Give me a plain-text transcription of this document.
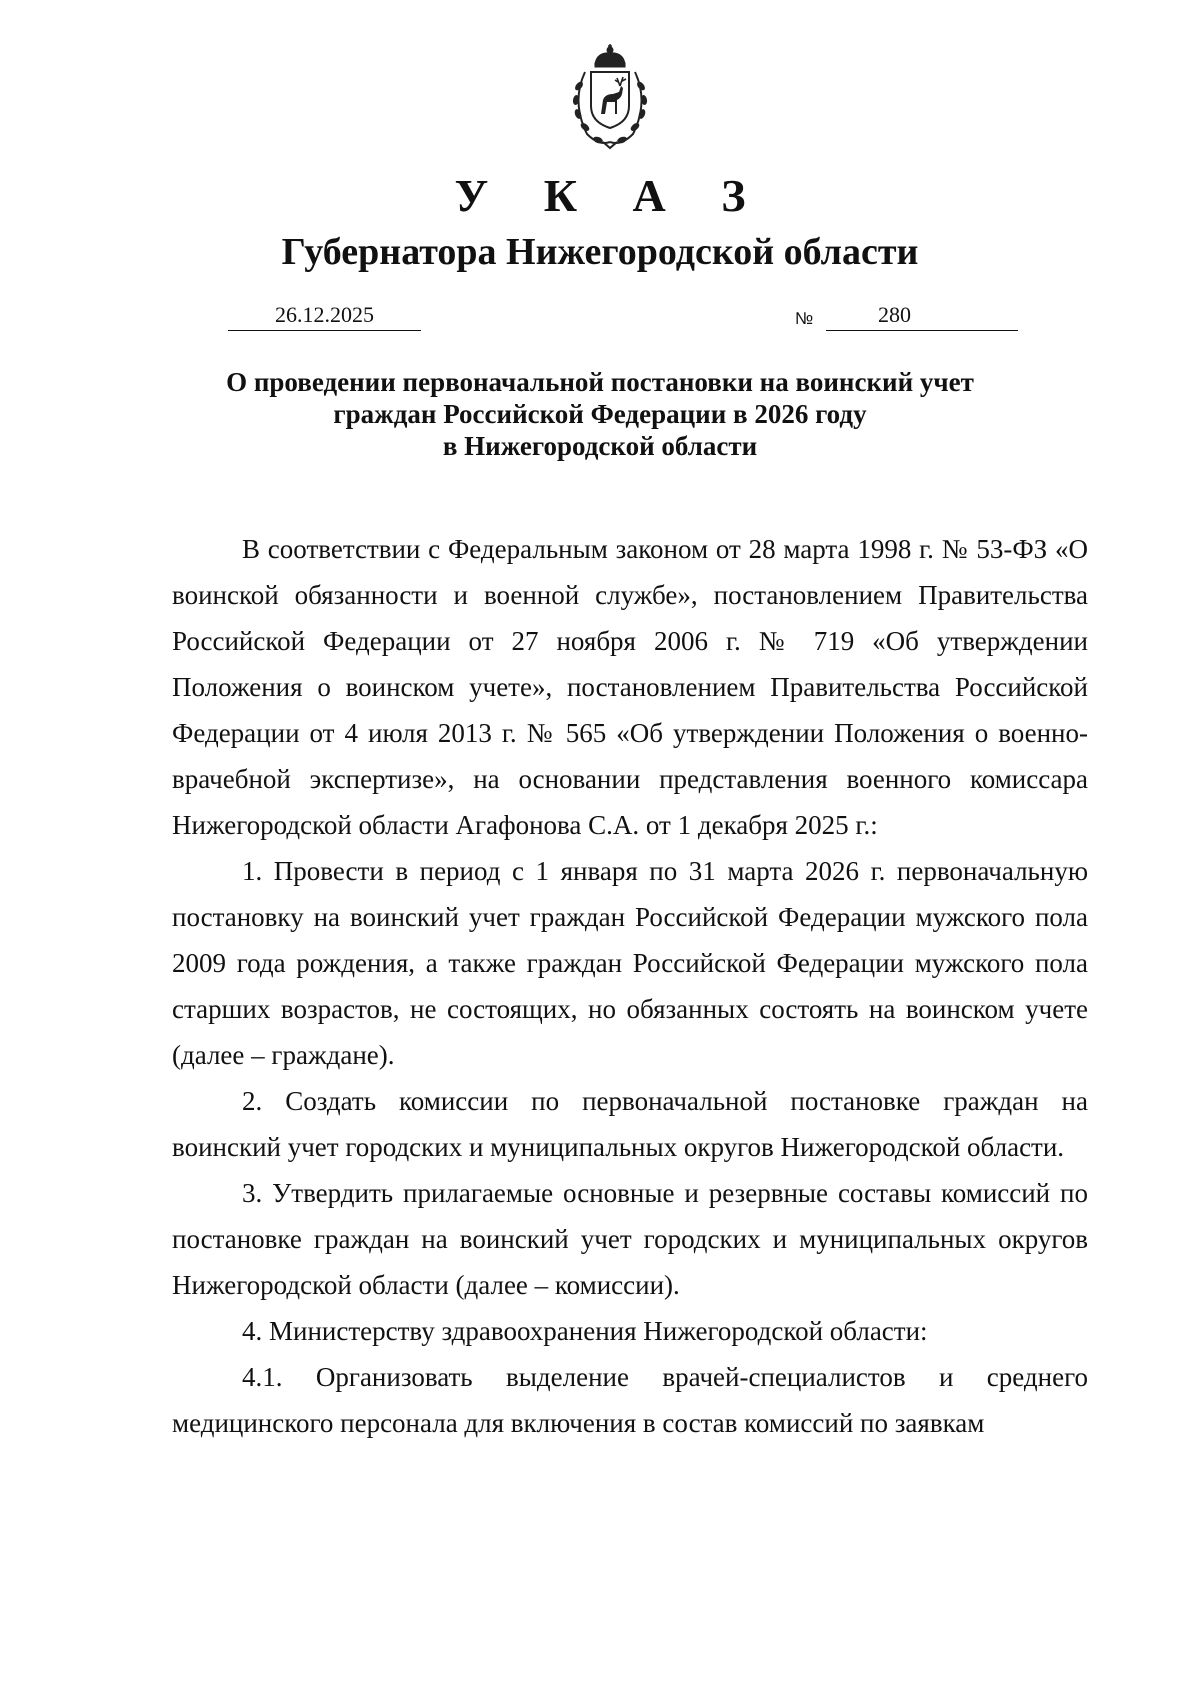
У К А З
Губернатора Нижегородской области
26.12.2025	№	280
О проведении первоначальной постановки на воинский учет
граждан Российской Федерации в 2026 году
в Нижегородской области

В соответствии с Федеральным законом от 28 марта 1998 г. № 53-ФЗ «О воинской обязанности и военной службе», постановлением Правительства Российской Федерации от 27 ноября 2006 г. № 719 «Об утверждении Положения о воинском учете», постановлением Правительства Российской Федерации от 4 июля 2013 г. № 565 «Об утверждении Положения о военно-врачебной экспертизе», на основании представления военного комиссара Нижегородской области Агафонова С.А. от 1 декабря 2025 г.:

1. Провести в период с 1 января по 31 марта 2026 г. первоначальную постановку на воинский учет граждан Российской Федерации мужского пола 2009 года рождения, а также граждан Российской Федерации мужского пола старших возрастов, не состоящих, но обязанных состоять на воинском учете (далее – граждане).

2. Создать комиссии по первоначальной постановке граждан на воинский учет городских и муниципальных округов Нижегородской области.

3. Утвердить прилагаемые основные и резервные составы комиссий по постановке граждан на воинский учет городских и муниципальных округов Нижегородской области (далее – комиссии).

4. Министерству здравоохранения Нижегородской области:

4.1. Организовать выделение врачей-специалистов и среднего медицинского персонала для включения в состав комиссий по заявкам
